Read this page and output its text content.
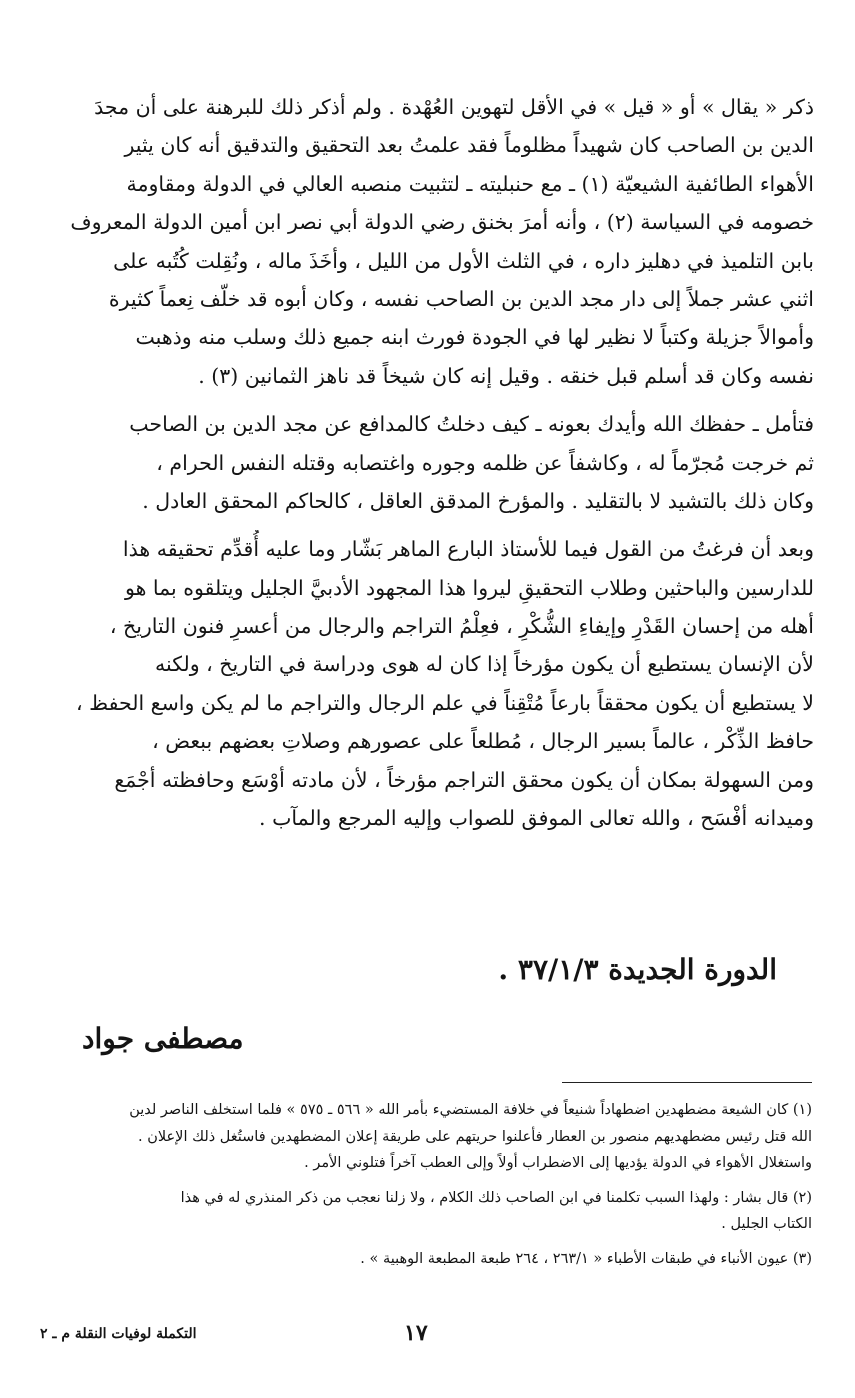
ذكر « يقال » أو « قيل » في الأقل لتهوين العُهْدة . ولم أذكر ذلك للبرهنة على أن مجدَ
الدين بن الصاحب كان شهيداً مظلوماً فقد علمتُ بعد التحقيق والتدقيق أنه كان يثير
الأهواء الطائفية الشيعيّة (١) ـ مع حنبليته ـ لتثبيت منصبه العالي في الدولة ومقاومة
خصومه في السياسة (٢) ، وأنه أمرَ بخنق رضي الدولة أبي نصر ابن أمين الدولة المعروف
بابن التلميذ في دهليز داره ، في الثلث الأول من الليل ، وأخَذَ ماله ، ونُقِلت كُتُبه على
اثني عشر جملاً إلى دار مجد الدين بن الصاحب نفسه ، وكان أبوه قد خلّف نِعماً كثيرة
وأموالاً جزيلة وكتباً لا نظير لها في الجودة فورث ابنه جميع ذلك وسلب منه وذهبت
نفسه وكان قد أسلم قبل خنقه . وقيل إنه كان شيخاً قد ناهز الثمانين (٣) .
فتأمل ـ حفظك الله وأيدك بعونه ـ كيف دخلتُ كالمدافع عن مجد الدين بن الصاحب
ثم خرجت مُجرّماً له ، وكاشفاً عن ظلمه وجوره واغتصابه وقتله النفس الحرام ،
وكان ذلك بالتشيد لا بالتقليد . والمؤرخ المدقق العاقل ، كالحاكم المحقق العادل .
وبعد أن فرغتُ من القول فيما للأستاذ البارع الماهر بَشّار وما عليه أُقدِّم تحقيقه هذا
للدارسين والباحثين وطلاب التحقيقِ ليروا هذا المجهود الأدبيَّ الجليل ويتلقوه بما هو
أهله من إحسان القَدْرِ وإيفاءِ الشُّكْرِ ، فعِلْمُ التراجم والرجال من أعسرِ فنون التاريخ ،
لأن الإنسان يستطيع أن يكون مؤرخاً إذا كان له هوى ودراسة في التاريخ ، ولكنه
لا يستطيع أن يكون محققاً بارعاً مُتْقِناً في علم الرجال والتراجم ما لم يكن واسع الحفظ ،
حافظ الذِّكْر ، عالماً بسير الرجال ، مُطلعاً على عصورهم وصلاتِ بعضهم ببعض ،
ومن السهولة بمكان أن يكون محقق التراجم مؤرخاً ، لأن مادته أوْسَع وحافظته أجْمَع
وميدانه أفْسَح ، والله تعالى الموفق للصواب وإليه المرجع والمآب .
الدورة الجديدة ٣٧/١/٣ .
مصطفى جواد
(١) كان الشيعة مضطهدين اضطهاداً شنيعاً في خلافة المستضيء بأمر الله « ٥٦٦ ـ ٥٧٥ » فلما استخلف الناصر لدين
الله قتل رئيس مضطهديهم منصور بن العطار فأعلنوا حريتهم على طريقة إعلان المضطهدين فاستُغل ذلك الإعلان .
واستغلال الأهواء في الدولة يؤديها إلى الاضطراب أولاً وإلى العطب آخراً فتلوني الأمر .
(٢) قال بشار : ولهذا السبب تكلمنا في ابن الصاحب ذلك الكلام ، ولا زلنا نعجب من ذكر المنذري له في هذا
الكتاب الجليل .
(٣) عيون الأنباء في طبقات الأطباء « ٢٦٣/١ ، ٢٦٤ طبعة المطبعة الوهبية » .
١٧
التكملة لوفيات النقلة م ـ ٢
